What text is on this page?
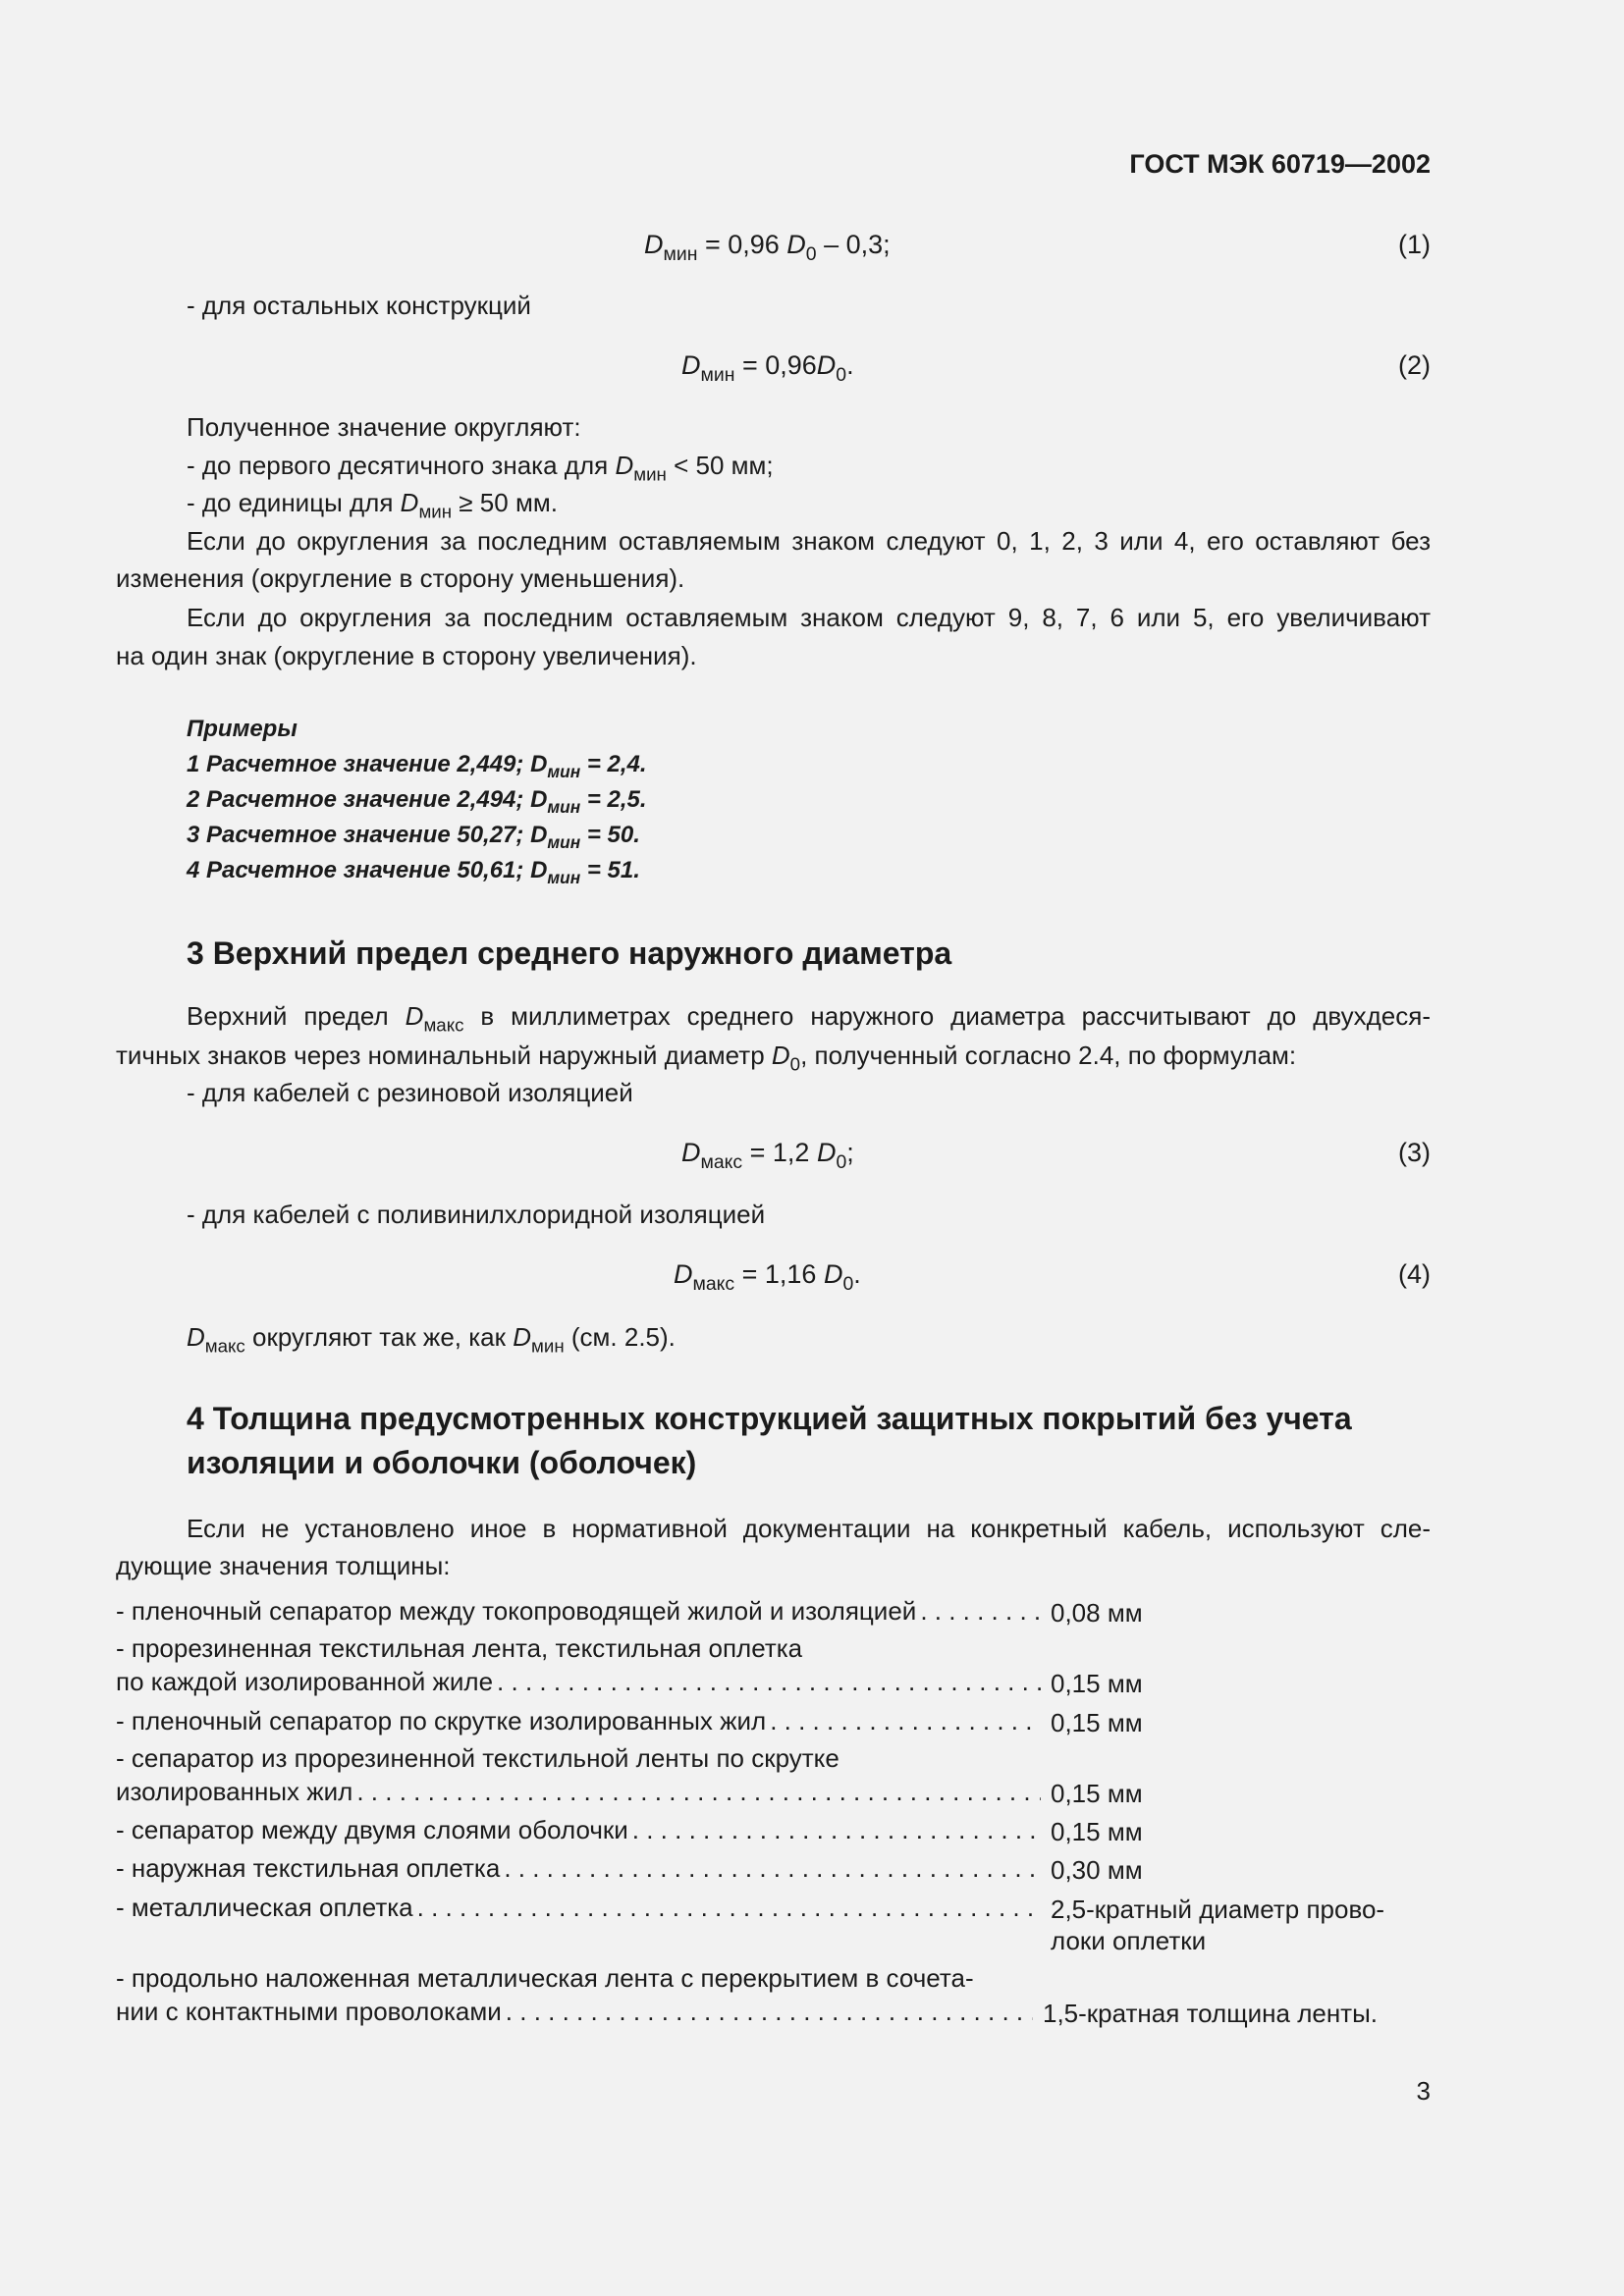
ГОСТ МЭК 60719—2002
$D_{мин} = 0,96$ $D_0 - 0,3$;	(1)
- для остальных конструкций
$D_{мин} = 0,96D_0$.	(2)
Полученное значение округляют:
- до первого десятичного знака для $D_{мин} < 50$ мм;
- до единицы для $D_{мин} \ge 50$ мм.
Если до округления за последним оставляемым знаком следуют 0, 1, 2, 3 или 4, его оставляют без
изменения (округление в сторону уменьшения).
Если до округления за последним оставляемым знаком следуют 9, 8, 7, 6 или 5, его увеличивают
на один знак (округление в сторону увеличения).
Примеры
1 Расчетное значение 2,449; $D_{мин} = 2,4$.
2 Расчетное значение 2,494; $D_{мин} = 2,5$.
3 Расчетное значение 50,27; $D_{мин} = 50$.
4 Расчетное значение 50,61; $D_{мин} = 51$.
3 Верхний предел среднего наружного диаметра
Верхний предел $D_{макс}$ в миллиметрах среднего наружного диаметра рассчитывают до двухдеся-
тичных знаков через номинальный наружный диаметр $D_0$, полученный согласно 2.4, по формулам:
- для кабелей с резиновой изоляцией
$D_{макс} = 1,2$ $D_0$;	(3)
- для кабелей с поливинилхлоридной изоляцией
$D_{макс} = 1,16$ $D_0$.	(4)
$D_{макс}$ округляют так же, как $D_{мин}$ (см. 2.5).
4 Толщина предусмотренных конструкцией защитных покрытий без учета
изоляции и оболочки (оболочек)
Если не установлено иное в нормативной документации на конкретный кабель, используют сле-
дующие значения толщины:
- пленочный сепаратор между токопроводящей жилой и изоляцией . . .	0,08 мм
- прорезиненная текстильная лента, текстильная оплетка
по каждой изолированной жиле . . .	0,15 мм
- пленочный сепаратор по скрутке изолированных жил . . .	0,15 мм
- сепаратор из прорезиненной текстильной ленты по скрутке
изолированных жил . . .	0,15 мм
- сепаратор между двумя слоями оболочки . . .	0,15 мм
- наружная текстильная оплетка . . .	0,30 мм
- металлическая оплетка . . .	2,5-кратный диаметр прово-
локи оплетки
- продольно наложенная металлическая лента с перекрытием в сочета-
нии с контактными проволоками . . .	1,5-кратная толщина ленты.
3
